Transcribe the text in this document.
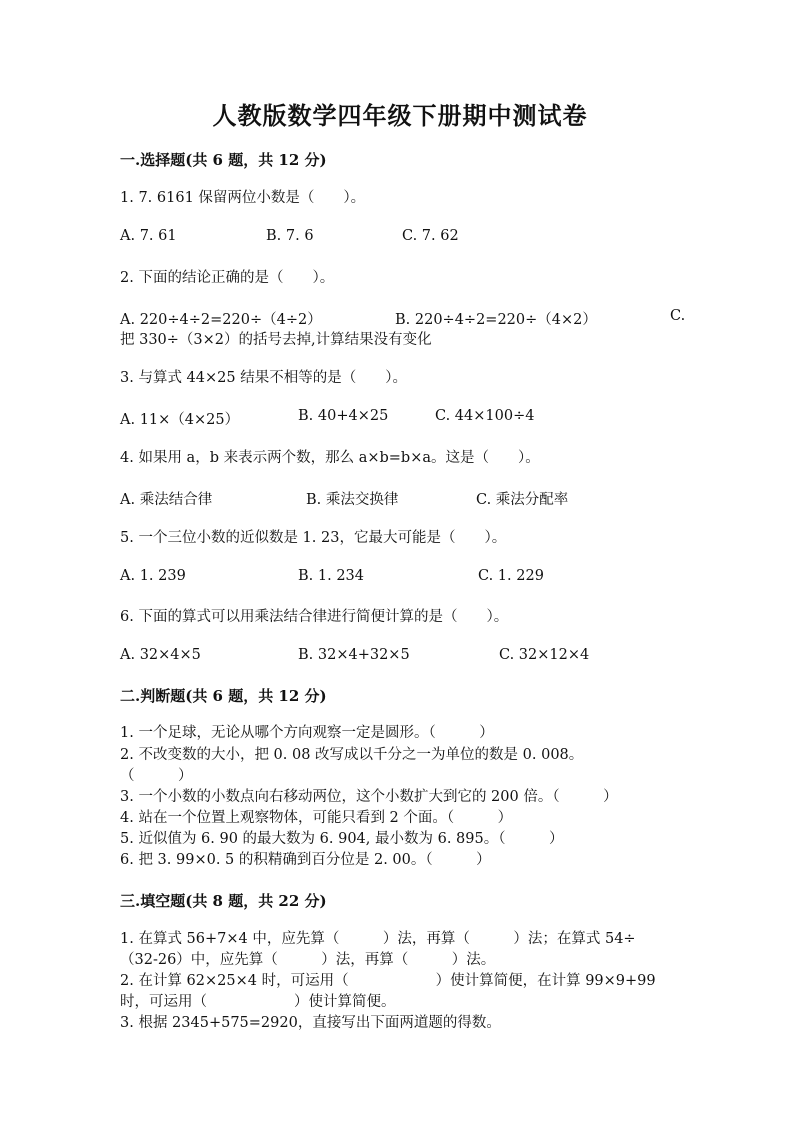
人教版数学四年级下册期中测试卷
一.选择题(共 6 题，共 12 分)
1. 7. 6161 保留两位小数是（　　）。
A. 7. 61	B. 7. 6	C. 7. 62
2. 下面的结论正确的是（　　）。
A. 220÷4÷2=220÷（4÷2）	B. 220÷4÷2=220÷（4×2）	C.
把 330÷（3×2）的括号去掉,计算结果没有变化
3. 与算式 44×25 结果不相等的是（　　）。
A. 11×（4×25）	B. 40+4×25	C. 44×100÷4
4. 如果用 a，b 来表示两个数，那么 a×b=b×a。这是（　　）。
A. 乘法结合律	B. 乘法交换律	C. 乘法分配率
5. 一个三位小数的近似数是 1. 23，它最大可能是（　　）。
A. 1. 239	B. 1. 234	C. 1. 229
6. 下面的算式可以用乘法结合律进行简便计算的是（　　）。
A. 32×4×5	B. 32×4+32×5	C. 32×12×4
二.判断题(共 6 题，共 12 分)
1. 一个足球，无论从哪个方向观察一定是圆形。（　　　）
2. 不改变数的大小，把 0. 08 改写成以千分之一为单位的数是 0. 008。
（　　　）
3. 一个小数的小数点向右移动两位，这个小数扩大到它的 200 倍。（　　　）
4. 站在一个位置上观察物体，可能只看到 2 个面。（　　　）
5. 近似值为 6. 90 的最大数为 6. 904, 最小数为 6. 895。（　　　）
6. 把 3. 99×0. 5 的积精确到百分位是 2. 00。（　　　）
三.填空题(共 8 题，共 22 分)
1. 在算式 56+7×4 中，应先算（　　　）法，再算（　　　）法；在算式 54÷
（32-26）中，应先算（　　　）法，再算（　　　）法。
2. 在计算 62×25×4 时，可运用（　　　　　　）使计算简便，在计算 99×9+99
时，可运用（　　　　　　）使计算简便。
3. 根据 2345+575=2920，直接写出下面两道题的得数。
